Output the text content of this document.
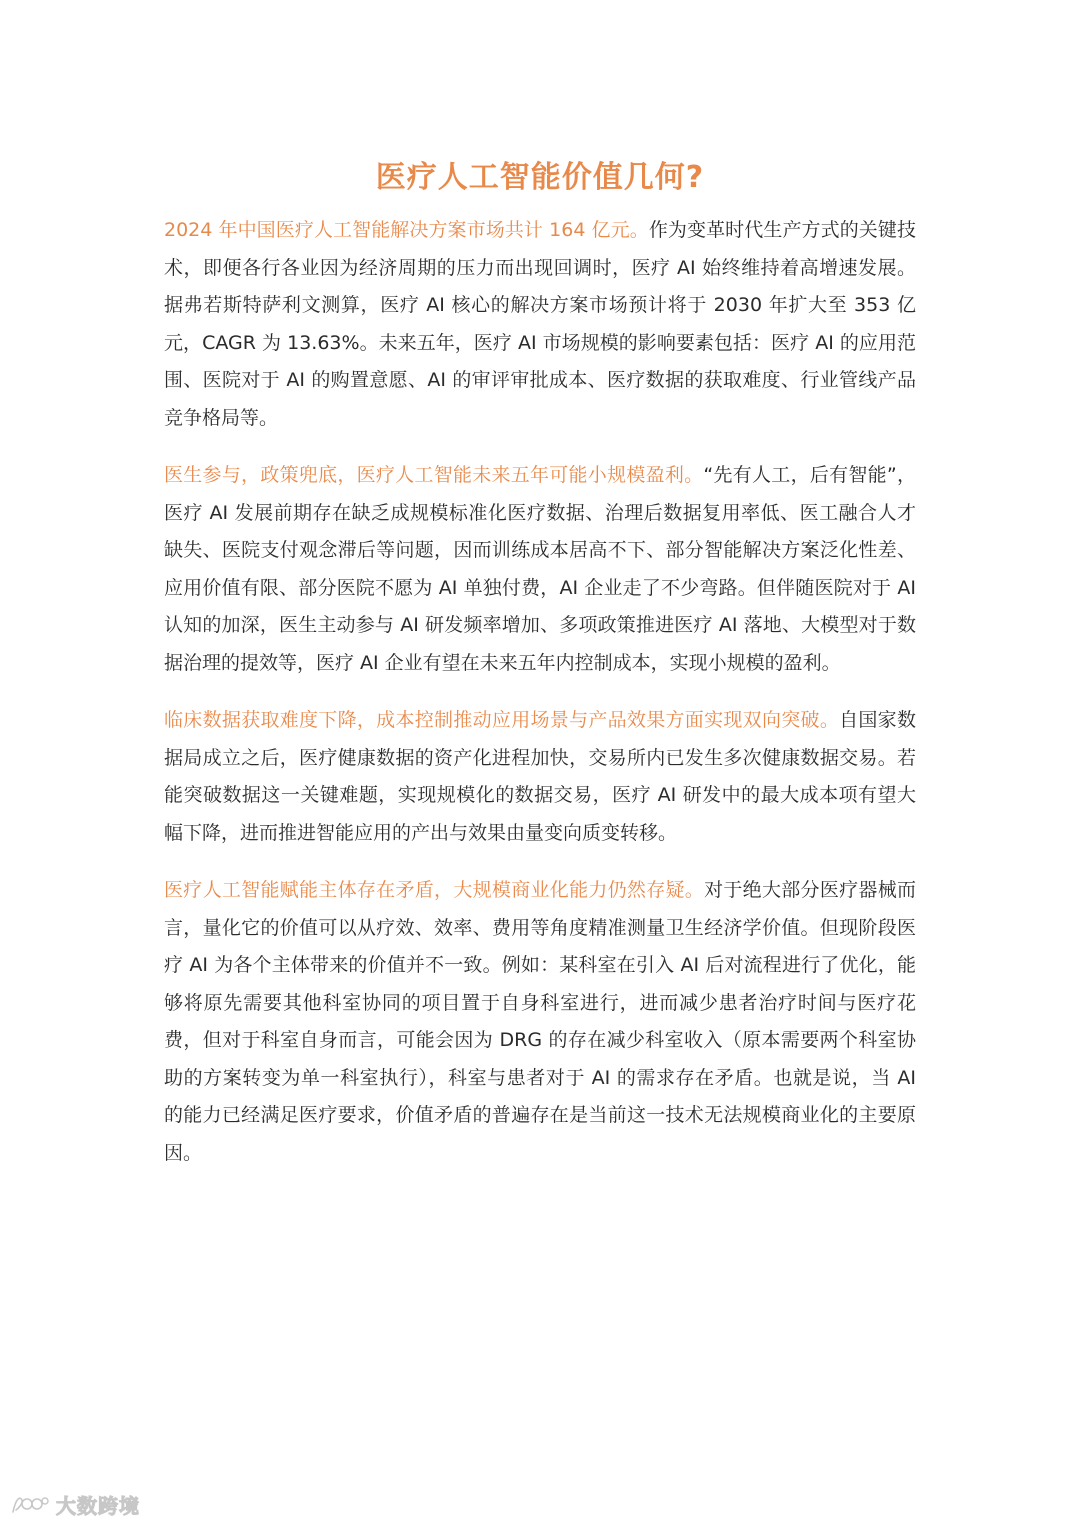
医疗人工智能价值几何?

2024 年中国医疗人工智能解决方案市场共计 164 亿元。作为变革时代生产方式的关键技术，即便各行各业因为经济周期的压力而出现回调时，医疗 AI 始终维持着高增速发展。据弗若斯特萨利文测算，医疗 AI 核心的解决方案市场预计将于 2030 年扩大至 353 亿元，CAGR 为 13.63%。未来五年，医疗 AI 市场规模的影响要素包括：医疗 AI 的应用范围、医院对于 AI 的购置意愿、AI 的审评审批成本、医疗数据的获取难度、行业管线产品竞争格局等。

医生参与，政策兜底，医疗人工智能未来五年可能小规模盈利。“先有人工，后有智能”，医疗 AI 发展前期存在缺乏成规模标准化医疗数据、治理后数据复用率低、医工融合人才缺失、医院支付观念滞后等问题，因而训练成本居高不下、部分智能解决方案泛化性差、应用价值有限、部分医院不愿为 AI 单独付费，AI 企业走了不少弯路。但伴随医院对于 AI 认知的加深，医生主动参与 AI 研发频率增加、多项政策推进医疗 AI 落地、大模型对于数据治理的提效等，医疗 AI 企业有望在未来五年内控制成本，实现小规模的盈利。

临床数据获取难度下降，成本控制推动应用场景与产品效果方面实现双向突破。自国家数据局成立之后，医疗健康数据的资产化进程加快，交易所内已发生多次健康数据交易。若能突破数据这一关键难题，实现规模化的数据交易，医疗 AI 研发中的最大成本项有望大幅下降，进而推进智能应用的产出与效果由量变向质变转移。

医疗人工智能赋能主体存在矛盾，大规模商业化能力仍然存疑。对于绝大部分医疗器械而言，量化它的价值可以从疗效、效率、费用等角度精准测量卫生经济学价值。但现阶段医疗 AI 为各个主体带来的价值并不一致。例如：某科室在引入 AI 后对流程进行了优化，能够将原先需要其他科室协同的项目置于自身科室进行，进而减少患者治疗时间与医疗花费，但对于科室自身而言，可能会因为 DRG 的存在减少科室收入（原本需要两个科室协助的方案转变为单一科室执行），科室与患者对于 AI 的需求存在矛盾。也就是说，当 AI 的能力已经满足医疗要求，价值矛盾的普遍存在是当前这一技术无法规模商业化的主要原因。

大数跨境
